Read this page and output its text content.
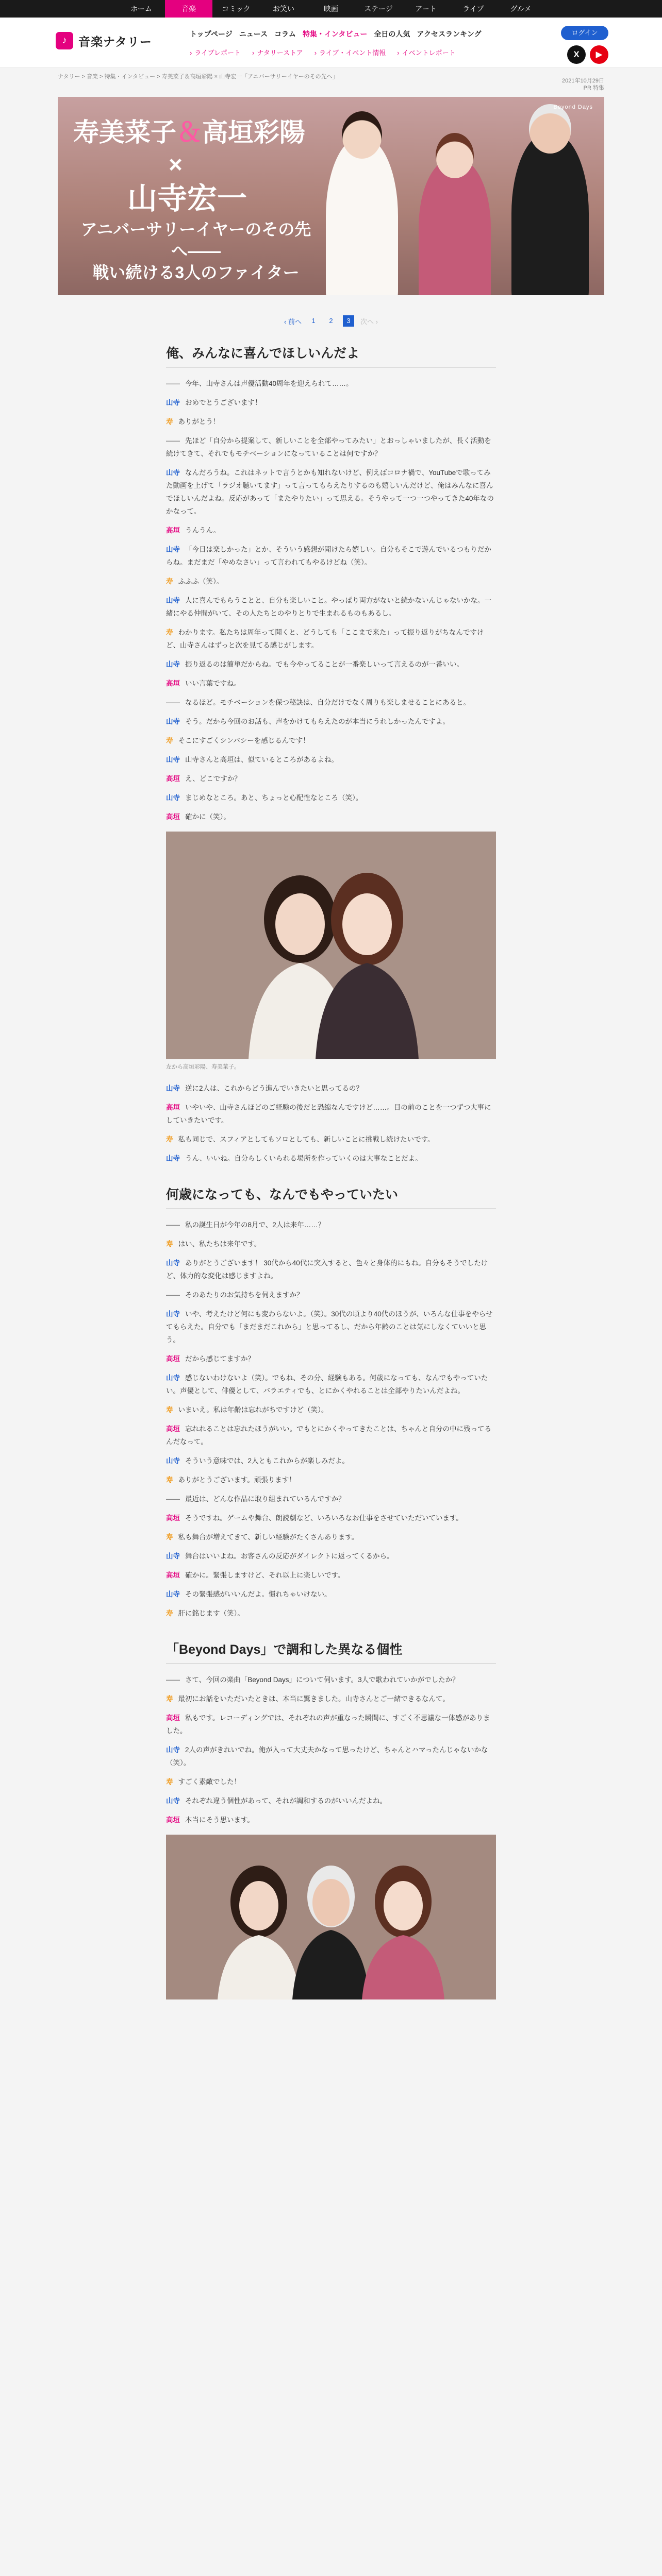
ホーム	音楽	コミック	お笑い	映画	ステージ	アート	ライブ	グルメ
♪ 音楽ナタリー
トップページ ニュース コラム 特集・インタビュー 全日の人気 アクセスランキング
› ライブレポート	› ナタリーストア	› ライブ・イベント情報	› イベントレポート
ログイン
X	▶
ナタリー > 音楽 > 特集・インタビュー > 寿美菜子＆高垣彩陽 × 山寺宏一「アニバーサリーイヤーのその先へ」
2021年10月29日
PR 特集
Beyond Days
寿美菜子＆高垣彩陽
×
山寺宏一
アニバーサリーイヤーのその先へ——
戦い続ける3人のファイター
‹ 前へ	1	2	3	次へ ›
俺、みんなに喜んでほしいんだよ

—— 今年、山寺さんは声優活動40周年を迎えられて……。

山寺 おめでとうございます！

寿 ありがとう！

—— 先ほど「自分から提案して、新しいことを全部やってみたい」とおっしゃいましたが、長く活動を続けてきて、それでもモチベーションになっていることは何ですか？

山寺 なんだろうね。これはネットで言うとかも知れないけど、例えばコロナ禍で、YouTubeで歌ってみた動画を上げて「ラジオ聴いてます」って言ってもらえたりするのも嬉しいんだけど、俺はみんなに喜んでほしいんだよね。反応があって「またやりたい」って思える。そうやって一つ一つやってきた40年なのかなって。

高垣 うんうん。

山寺 「今日は楽しかった」とか、そういう感想が聞けたら嬉しい。自分もそこで遊んでいるつもりだからね。まだまだ「やめなさい」って言われてもやるけどね（笑）。

寿 ふふふ（笑）。

山寺 人に喜んでもらうことと、自分も楽しいこと。やっぱり両方がないと続かないんじゃないかな。一緒にやる仲間がいて、その人たちとのやりとりで生まれるものもあるし。

寿 わかります。私たちは周年って聞くと、どうしても「ここまで来た」って振り返りがちなんですけど、山寺さんはずっと次を見てる感じがします。

山寺 振り返るのは簡単だからね。でも今やってることが一番楽しいって言えるのが一番いい。

高垣 いい言葉ですね。

—— なるほど。モチベーションを保つ秘訣は、自分だけでなく周りも楽しませることにあると。

山寺 そう。だから今回のお話も、声をかけてもらえたのが本当にうれしかったんですよ。

寿 そこにすごくシンパシーを感じるんです！

山寺 山寺さんと高垣は、似ているところがあるよね。

高垣 え、どこですか？

山寺 まじめなところ。あと、ちょっと心配性なところ（笑）。

高垣 確かに（笑）。

左から高垣彩陽、寿美菜子。

山寺 逆に2人は、これからどう進んでいきたいと思ってるの？

高垣 いやいや、山寺さんほどのご経験の後だと恐縮なんですけど……。目の前のことを一つずつ大事にしていきたいです。

寿 私も同じで、スフィアとしてもソロとしても、新しいことに挑戦し続けたいです。

山寺 うん、いいね。自分らしくいられる場所を作っていくのは大事なことだよ。

何歳になっても、なんでもやっていたい

—— 私の誕生日が今年の8月で、2人は来年……？

寿 はい、私たちは来年です。

山寺 ありがとうございます！ 30代から40代に突入すると、色々と身体的にもね。自分もそうでしたけど、体力的な変化は感じますよね。

—— そのあたりのお気持ちを伺えますか？

山寺 いや、考えたけど何にも変わらないよ。（笑）。30代の頃より40代のほうが、いろんな仕事をやらせてもらえた。自分でも「まだまだこれから」と思ってるし、だから年齢のことは気にしなくていいと思う。

高垣 だから感じてますか？

山寺 感じないわけないよ（笑）。でもね、その分、経験もある。何歳になっても、なんでもやっていたい。声優として、俳優として、バラエティでも、とにかくやれることは全部やりたいんだよね。

寿 いまいえ。私は年齢は忘れがちですけど（笑）。

高垣 忘れれることは忘れたほうがいい。でもとにかくやってきたことは、ちゃんと自分の中に残ってるんだなって。

山寺 そういう意味では、2人ともこれからが楽しみだよ。

寿 ありがとうございます。頑張ります！

—— 最近は、どんな作品に取り組まれているんですか？

高垣 そうですね。ゲームや舞台、朗読劇など、いろいろなお仕事をさせていただいています。

寿 私も舞台が増えてきて、新しい経験がたくさんあります。

山寺 舞台はいいよね。お客さんの反応がダイレクトに返ってくるから。

高垣 確かに。緊張しますけど、それ以上に楽しいです。

山寺 その緊張感がいいんだよ。慣れちゃいけない。

寿 肝に銘じます（笑）。

「Beyond Days」で調和した異なる個性

—— さて、今回の楽曲「Beyond Days」について伺います。3人で歌われていかがでしたか？

寿 最初にお話をいただいたときは、本当に驚きました。山寺さんとご一緒できるなんて。

高垣 私もです。レコーディングでは、それぞれの声が重なった瞬間に、すごく不思議な一体感がありました。

山寺 2人の声がきれいでね。俺が入って大丈夫かなって思ったけど、ちゃんとハマったんじゃないかな（笑）。

寿 すごく素敵でした！

山寺 それぞれ違う個性があって、それが調和するのがいいんだよね。

高垣 本当にそう思います。
